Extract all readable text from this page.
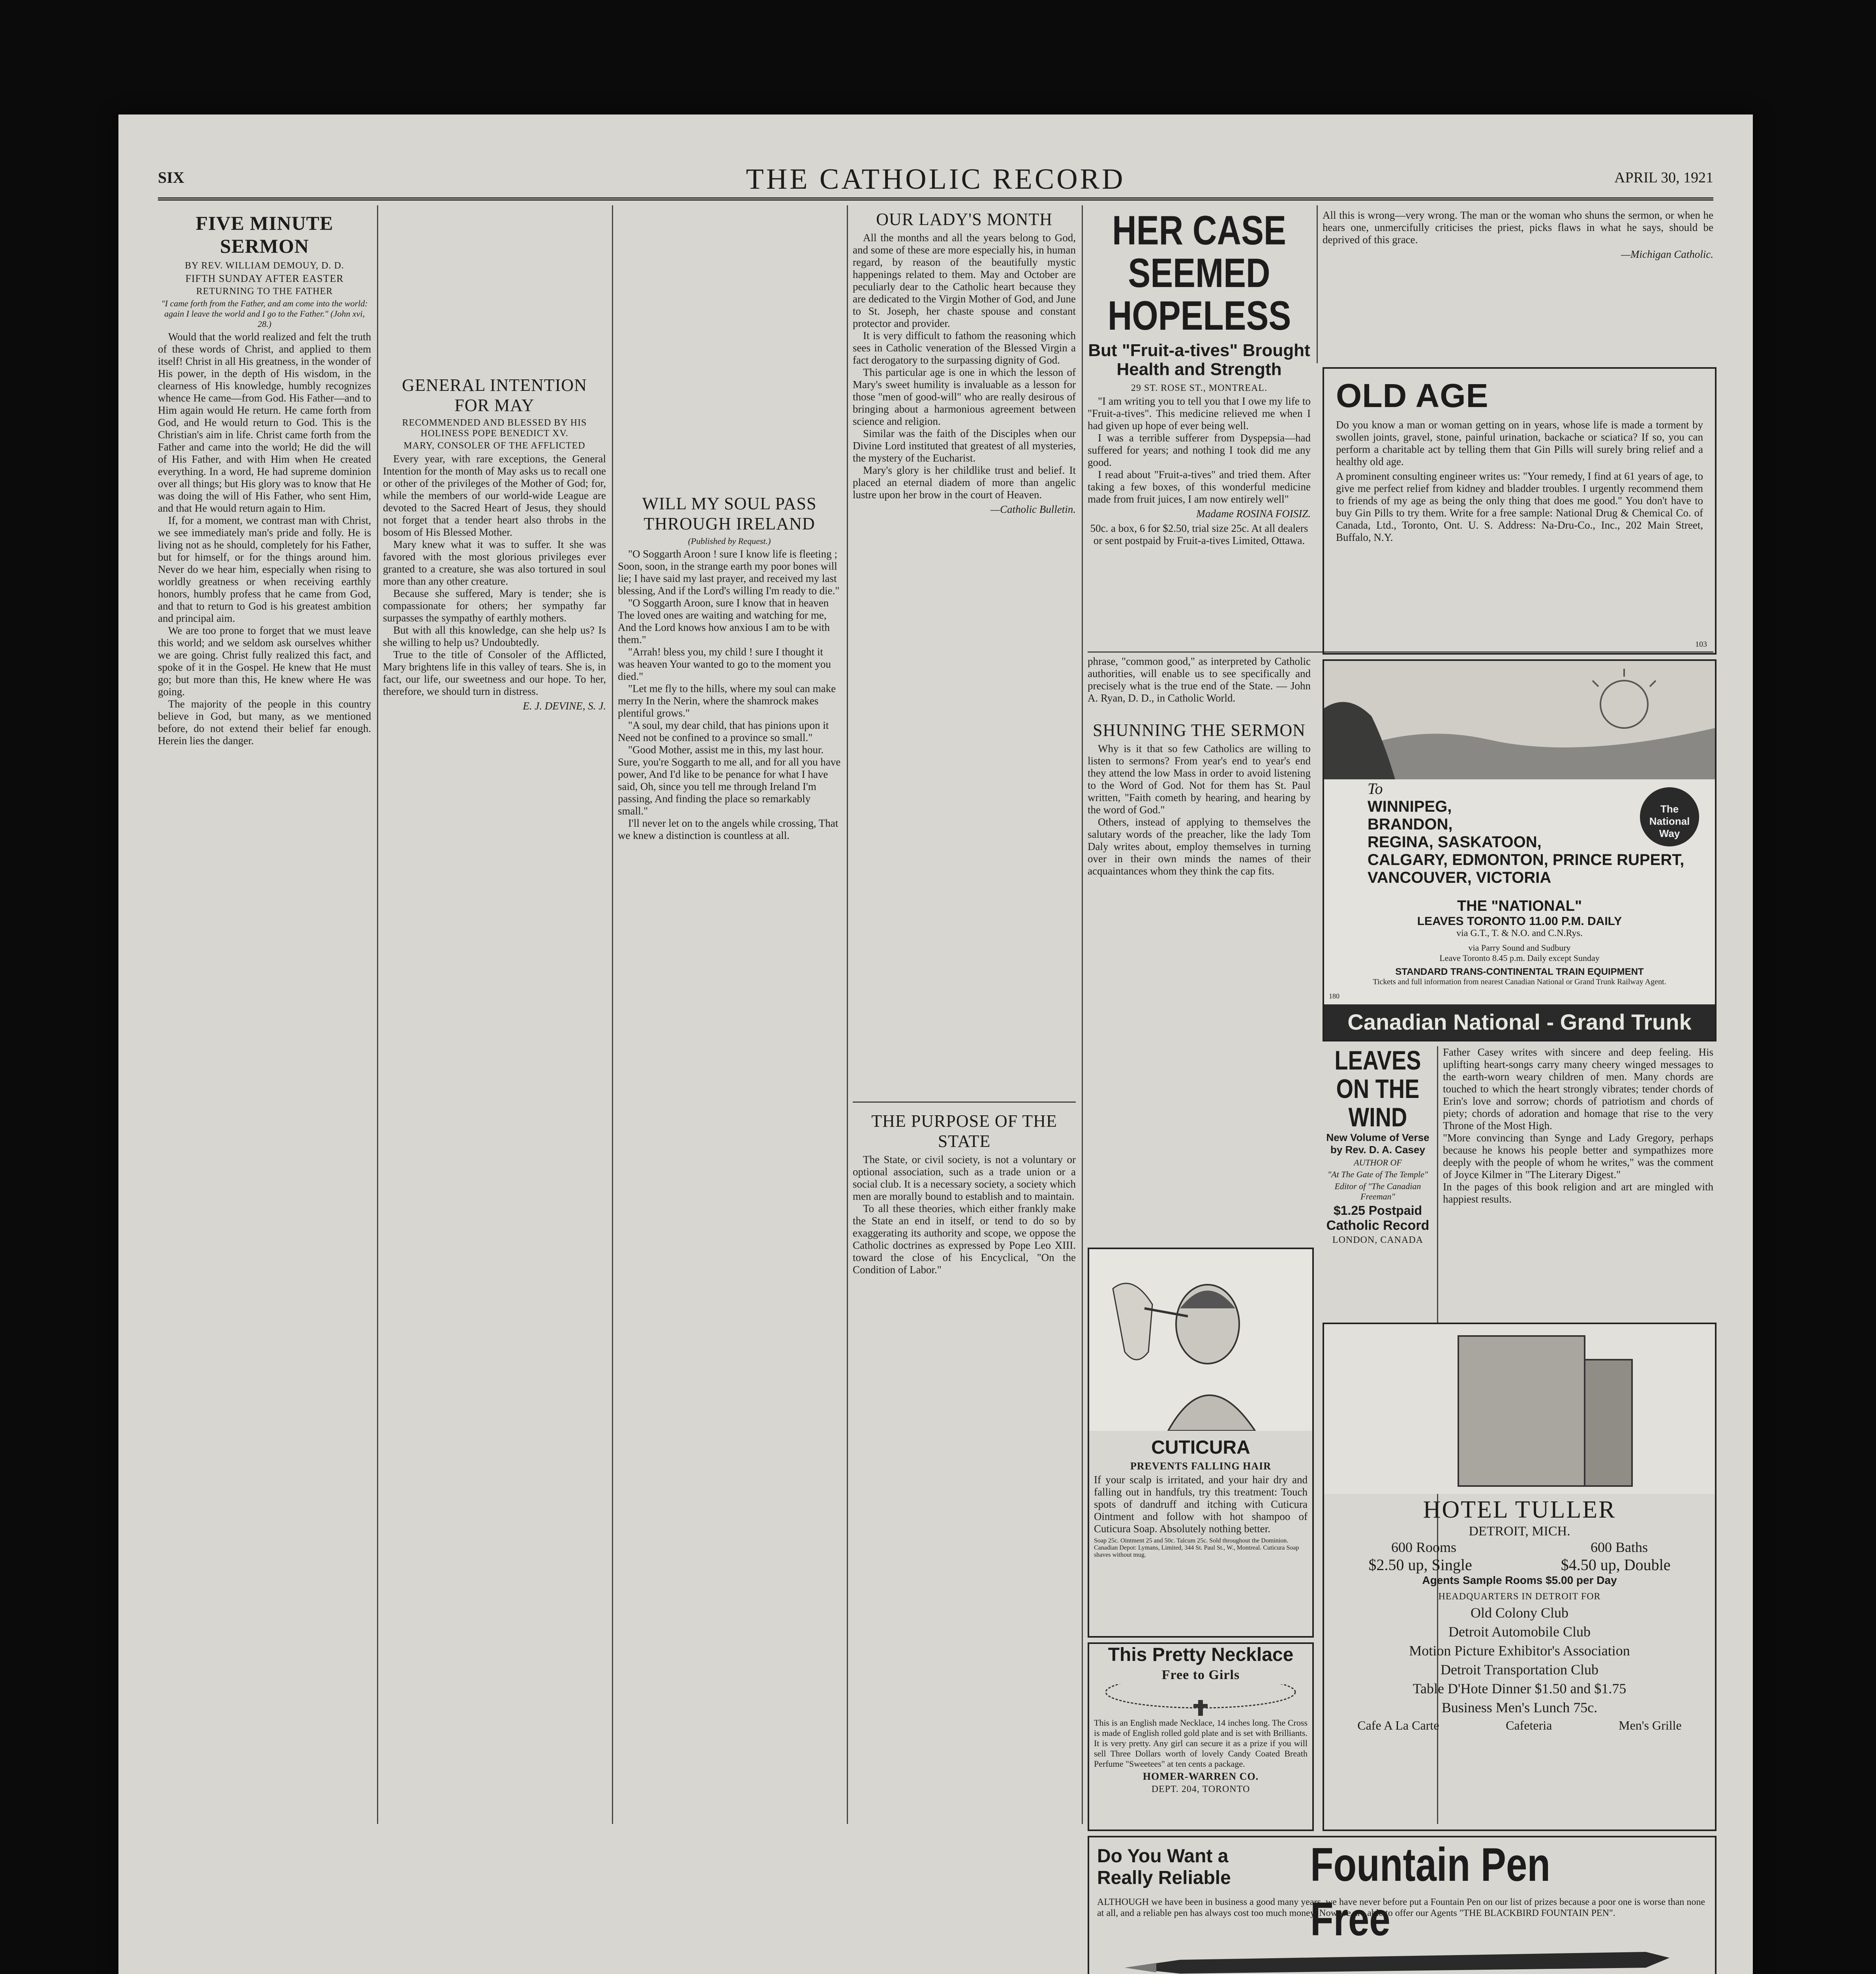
SIX	THE CATHOLIC RECORD	APRIL 30, 1921
FIVE MINUTE SERMON
BY REV. WILLIAM DEMOUY, D. D.
FIFTH SUNDAY AFTER EASTER
RETURNING TO THE FATHER
"I came forth from the Father, and am come into the world: again I leave the world and I go to the Father." (John xvi, 28.)

Would that the world realized and felt the truth of these words of Christ, and applied to them itself! Christ in all His greatness, in the wonder of His power, in the depth of His wisdom, in the clearness of His knowledge, humbly recognizes whence He came—from God. His Father—and to Him again would He return. He came forth from God, and He would return to God. This is the Christian's aim in life. Christ came forth from the Father and came into the world; He did the will of His Father, and with Him when He created everything. In a word, He had supreme dominion over all things; but His glory was to know that He was doing the will of His Father, who sent Him, and that He would return again to Him.

If, for a moment, we contrast man with Christ, we see immediately man's pride and folly. He is living not as he should, completely for his Father, but for himself, or for the things around him. Never do we hear him, especially when rising to worldly greatness or when receiving earthly honors, humbly profess that he came from God, and that to return to God is his greatest ambition and principal aim.

We are too prone to forget that we must leave this world; and we seldom ask ourselves whither we are going. Christ fully realized this fact, and spoke of it in the Gospel. He knew that He must go; but more than this, He knew where He was going.

The majority of the people in this country believe in God, but many, as we mentioned before, do not extend their belief far enough. Herein lies the danger.

GENERAL INTENTION FOR MAY
RECOMMENDED AND BLESSED BY HIS HOLINESS POPE BENEDICT XV.
MARY, CONSOLER OF THE AFFLICTED

Every year, with rare exceptions, the General Intention for the month of May asks us to recall one or other of the privileges of the Mother of God; for, while the members of our world-wide League are devoted to the Sacred Heart of Jesus, they should not forget that a tender heart also throbs in the bosom of His Blessed Mother.

Mary knew what it was to suffer. It she was favored with the most glorious privileges ever granted to a creature, she was also tortured in soul more than any other creature.

Because she suffered, Mary is tender; she is compassionate for others; her sympathy far surpasses the sympathy of earthly mothers.

But with all this knowledge, can she help us? Is she willing to help us? Undoubtedly.

True to the title of Consoler of the Afflicted, Mary brightens life in this valley of tears. She is, in fact, our life, our sweetness and our hope. To her, therefore, we should turn in distress.

E. J. DEVINE, S. J.
WILL MY SOUL PASS THROUGH IRELAND
(Published by Request.)

"O Soggarth Aroon ! sure I know life is fleeting ; Soon, soon, in the strange earth my poor bones will lie; I have said my last prayer, and received my last blessing, And if the Lord's willing I'm ready to die."

"O Soggarth Aroon, sure I know that in heaven The loved ones are waiting and watching for me, And the Lord knows how anxious I am to be with them."

"Arrah! bless you, my child ! sure I thought it was heaven Your wanted to go to the moment you died."

"Let me fly to the hills, where my soul can make merry In the Nerin, where the shamrock makes plentiful grows."

"A soul, my dear child, that has pinions upon it Need not be confined to a province so small."

"Good Mother, assist me in this, my last hour. Sure, you're Soggarth to me all, and for all you have power, And I'd like to be penance for what I have said, Oh, since you tell me through Ireland I'm passing, And finding the place so remarkably small."

I'll never let on to the angels while crossing, That we knew a distinction is countless at all.

OUR LADY'S MONTH

All the months and all the years belong to God, and some of these are more especially his, in human regard, by reason of the beautifully mystic happenings related to them. May and October are peculiarly dear to the Catholic heart because they are dedicated to the Virgin Mother of God, and June to St. Joseph, her chaste spouse and constant protector and provider.

It is very difficult to fathom the reasoning which sees in Catholic veneration of the Blessed Virgin a fact derogatory to the surpassing dignity of God.

This particular age is one in which the lesson of Mary's sweet humility is invaluable as a lesson for those "men of good-will" who are really desirous of bringing about a harmonious agreement between science and religion.

Similar was the faith of the Disciples when our Divine Lord instituted that greatest of all mysteries, the mystery of the Eucharist.

Mary's glory is her childlike trust and belief. It placed an eternal diadem of more than angelic lustre upon her brow in the court of Heaven.

—Catholic Bulletin.
THE PURPOSE OF THE STATE

The State, or civil society, is not a voluntary or optional association, such as a trade union or a social club. It is a necessary society, a society which men are morally bound to establish and to maintain.

To all these theories, which either frankly make the State an end in itself, or tend to do so by exaggerating its authority and scope, we oppose the Catholic doctrines as expressed by Pope Leo XIII. toward the close of his Encyclical, "On the Condition of Labor."

HER CASE SEEMED HOPELESS
But "Fruit-a-tives" Brought Health and Strength
29 ST. ROSE ST., MONTREAL.

"I am writing you to tell you that I owe my life to "Fruit-a-tives". This medicine relieved me when I had given up hope of ever being well.

I was a terrible sufferer from Dyspepsia—had suffered for years; and nothing I took did me any good.

I read about "Fruit-a-tives" and tried them. After taking a few boxes, of this wonderful medicine made from fruit juices, I am now entirely well"

Madame ROSINA FOISIZ.
50c. a box, 6 for $2.50, trial size 25c. At all dealers or sent postpaid by Fruit-a-tives Limited, Ottawa.
phrase, "common good," as interpreted by Catholic authorities, will enable us to see specifically and precisely what is the true end of the State. — John A. Ryan, D. D., in Catholic World.
SHUNNING THE SERMON

Why is it that so few Catholics are willing to listen to sermons? From year's end to year's end they attend the low Mass in order to avoid listening to the Word of God. Not for them has St. Paul written, "Faith cometh by hearing, and hearing by the word of God."

Others, instead of applying to themselves the salutary words of the preacher, like the lady Tom Daly writes about, employ themselves in turning over in their own minds the names of their acquaintances whom they think the cap fits.

All this is wrong—very wrong. The man or the woman who shuns the sermon, or when he hears one, unmercifully criticises the priest, picks flaws in what he says, should be deprived of this grace.
—Michigan Catholic.
OLD AGE
Do you know a man or woman getting on in years, whose life is made a torment by swollen joints, gravel, stone, painful urination, backache or sciatica? If so, you can perform a charitable act by telling them that Gin Pills will surely bring relief and a healthy old age.
A prominent consulting engineer writes us: "Your remedy, I find at 61 years of age, to give me perfect relief from kidney and bladder troubles. I urgently recommend them to friends of my age as being the only thing that does me good." You don't have to buy Gin Pills to try them. Write for a free sample: National Drug & Chemical Co. of Canada, Ltd., Toronto, Ont. U. S. Address: Na-Dru-Co., Inc., 202 Main Street, Buffalo, N.Y.
103
To
WINNIPEG,
BRANDON,
REGINA, SASKATOON,
CALGARY, EDMONTON, PRINCE RUPERT,
VANCOUVER, VICTORIA
The National Way
THE "NATIONAL"
LEAVES TORONTO 11.00 P.M. DAILY
via G.T., T. & N.O. and C.N.Rys.
via Parry Sound and Sudbury
Leave Toronto 8.45 p.m. Daily except Sunday
STANDARD TRANS-CONTINENTAL TRAIN EQUIPMENT
Tickets and full information from nearest Canadian National or Grand Trunk Railway Agent.
180
Canadian National - Grand Trunk
CUTICURA
PREVENTS FALLING HAIR
If your scalp is irritated, and your hair dry and falling out in handfuls, try this treatment: Touch spots of dandruff and itching with Cuticura Ointment and follow with hot shampoo of Cuticura Soap. Absolutely nothing better.
Soap 25c. Ointment 25 and 50c. Talcum 25c. Sold throughout the Dominion. Canadian Depot: Lymans, Limited, 344 St. Paul St., W., Montreal. Cuticura Soap shaves without mug.
This Pretty Necklace
Free to Girls
This is an English made Necklace, 14 inches long. The Cross is made of English rolled gold plate and is set with Brilliants. It is very pretty. Any girl can secure it as a prize if you will sell Three Dollars worth of lovely Candy Coated Breath Perfume "Sweetees" at ten cents a package.
HOMER-WARREN CO.
DEPT. 204, TORONTO
LEAVES ON THE WIND
New Volume of Verse by Rev. D. A. Casey
AUTHOR OF
"At The Gate of The Temple"
Editor of "The Canadian Freeman"
$1.25 Postpaid
Catholic Record
LONDON, CANADA
Father Casey writes with sincere and deep feeling. His uplifting heart-songs carry many cheery winged messages to the earth-worn weary children of men. Many chords are touched to which the heart strongly vibrates; tender chords of Erin's love and sorrow; chords of patriotism and chords of piety; chords of adoration and homage that rise to the very Throne of the Most High.
"More convincing than Synge and Lady Gregory, perhaps because he knows his people better and sympathizes more deeply with the people of whom he writes," was the comment of Joyce Kilmer in "The Literary Digest."
In the pages of this book religion and art are mingled with happiest results.
HOTEL TULLER
DETROIT, MICH.
600 Rooms	600 Baths
$2.50 up, Single	$4.50 up, Double
Agents Sample Rooms $5.00 per Day
HEADQUARTERS IN DETROIT FOR
Old Colony Club
Detroit Automobile Club
Motion Picture Exhibitor's Association
Detroit Transportation Club
Table D'Hote Dinner $1.50 and $1.75
Business Men's Lunch 75c.
Cafe A La Carte	Cafeteria	Men's Grille
Do You Want a
Really Reliable	Fountain Pen Free
ALTHOUGH we have been in business a good many years, we have never before put a Fountain Pen on our list of prizes because a poor one is worse than none at all, and a reliable pen has always cost too much money. Now we are able to offer our Agents "THE BLACKBIRD FOUNTAIN PEN".
